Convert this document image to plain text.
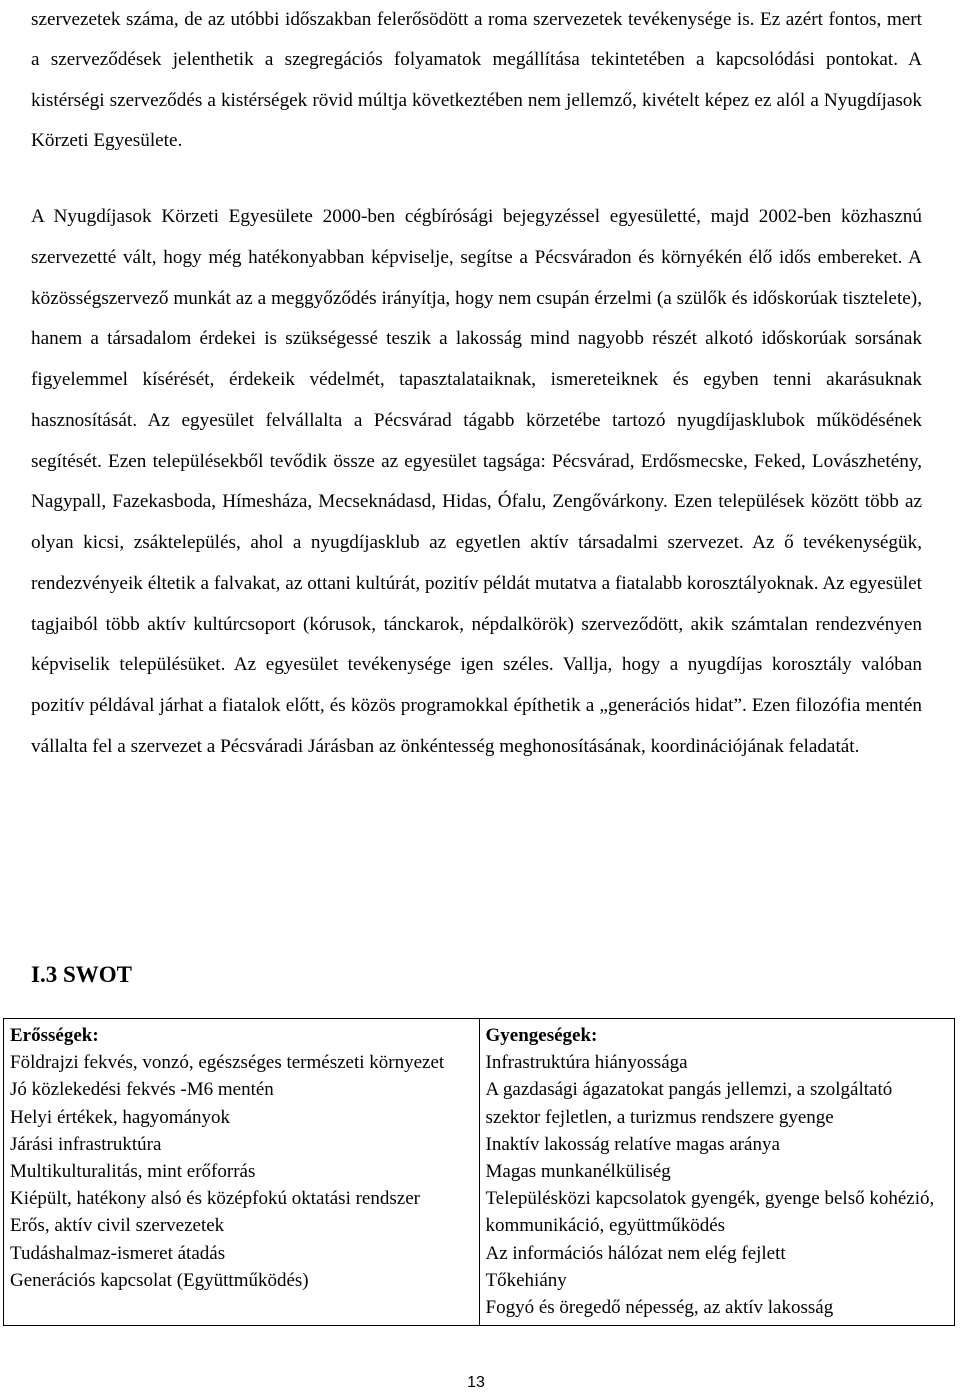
szervezetek száma, de az utóbbi időszakban felerősödött a roma szervezetek tevékenysége is. Ez azért fontos, mert a szerveződések jelenthetik a szegregációs folyamatok megállítása tekintetében a kapcsolódási pontokat. A kistérségi szerveződés a kistérségek rövid múltja következtében nem jellemző, kivételt képez ez alól a Nyugdíjasok Körzeti Egyesülete.

A Nyugdíjasok Körzeti Egyesülete 2000-ben cégbírósági bejegyzéssel egyesületté, majd 2002-ben közhasznú szervezetté vált, hogy még hatékonyabban képviselje, segítse a Pécsváradon és környékén élő idős embereket. A közösségszervező munkát az a meggyőződés irányítja, hogy nem csupán érzelmi (a szülők és időskorúak tisztelete), hanem a társadalom érdekei is szükségessé teszik a lakosság mind nagyobb részét alkotó időskorúak sorsának figyelemmel kísérését, érdekeik védelmét, tapasztalataiknak, ismereteiknek és egyben tenni akarásuknak hasznosítását. Az egyesület felvállalta a Pécsvárad tágabb körzetébe tartozó nyugdíjasklubok működésének segítését. Ezen településekből tevődik össze az egyesület tagsága: Pécsvárad, Erdősmecske, Feked, Lovászhetény, Nagypall, Fazekasboda, Hímesháza, Mecseknádasd, Hidas, Ófalu, Zengővárkony. Ezen települések között több az olyan kicsi, zsáktelepülés, ahol a nyugdíjasklub az egyetlen aktív társadalmi szervezet. Az ő tevékenységük, rendezvényeik éltetik a falvakat, az ottani kultúrát, pozitív példát mutatva a fiatalabb korosztályoknak. Az egyesület tagjaiból több aktív kultúrcsoport (kórusok, tánckarok, népdalkörök) szerveződött, akik számtalan rendezvényen képviselik településüket. Az egyesület tevékenysége igen széles. Vallja, hogy a nyugdíjas korosztály valóban pozitív példával járhat a fiatalok előtt, és közös programokkal építhetik a „generációs hidat”. Ezen filozófia mentén vállalta fel a szervezet a Pécsváradi Járásban az önkéntesség meghonosításának, koordinációjának feladatát.

I.3 SWOT
Erősségek:
Földrajzi fekvés, vonzó, egészséges természeti környezet
Jó közlekedési fekvés -M6 mentén
Helyi értékek, hagyományok
Járási infrastruktúra
Multikulturalitás, mint erőforrás
Kiépült, hatékony alsó és középfokú oktatási rendszer
Erős, aktív civil szervezetek
Tudáshalmaz-ismeret átadás
Generációs kapcsolat (Együttműködés)

Gyengeségek:
Infrastruktúra hiányossága
A gazdasági ágazatokat pangás jellemzi, a szolgáltató szektor fejletlen, a turizmus rendszere gyenge
Inaktív lakosság relatíve magas aránya
Magas munkanélküliség
Településközi kapcsolatok gyengék, gyenge belső kohézió, kommunikáció, együttműködés
Az információs hálózat nem elég fejlett
Tőkehiány
Fogyó és öregedő népesség, az aktív lakosság
13
